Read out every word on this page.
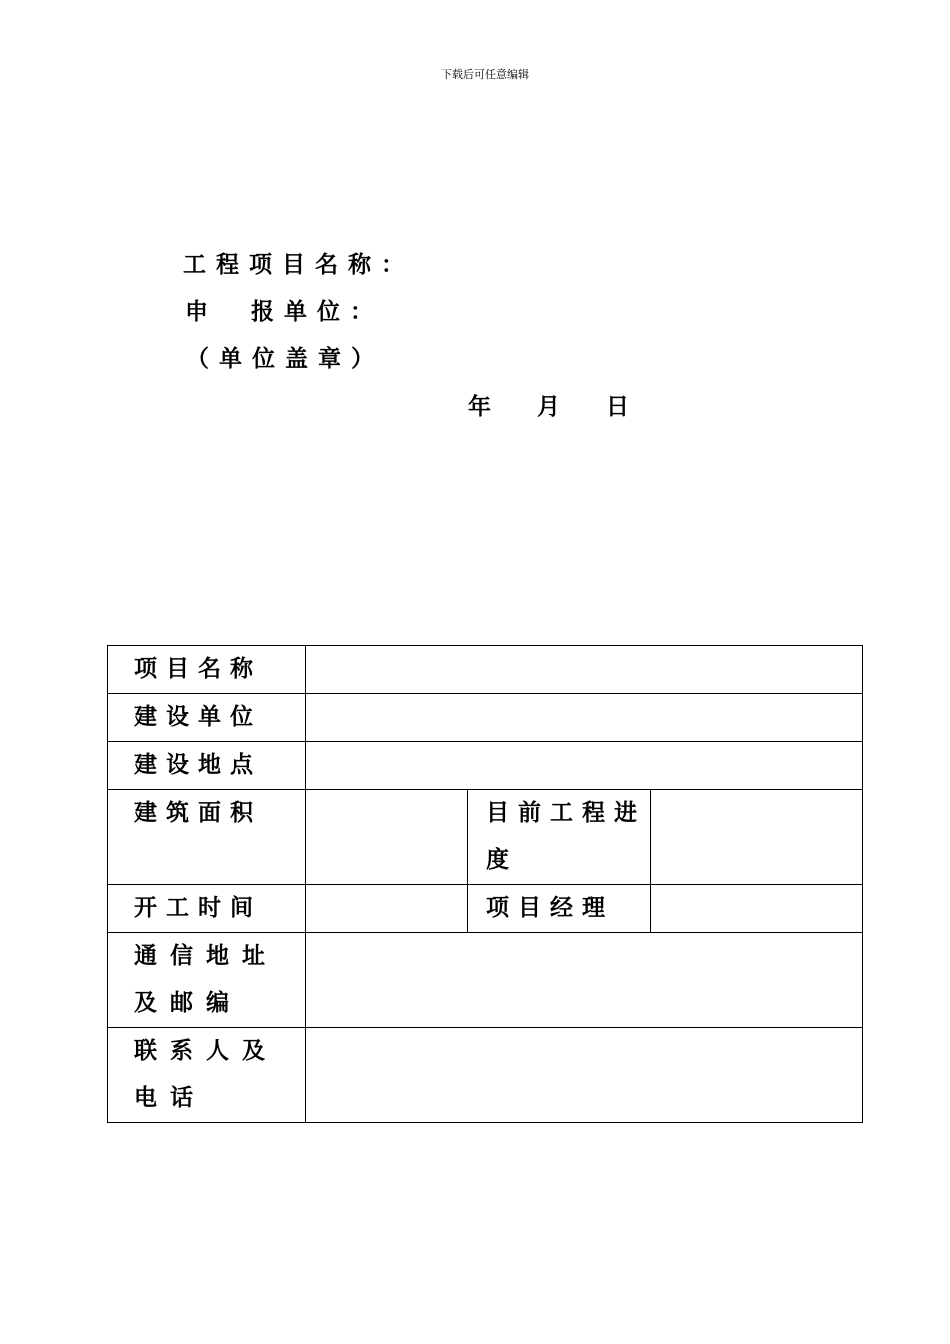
下载后可任意编辑
工程项目名称：
申　报单位：
（单位盖章）
年　　月　　日
项目名称			

建设单位			

建设地点			

建筑面积		目前工程进度	

开工时间		项目经理	

通信地址及邮编			

联系人及电话			
